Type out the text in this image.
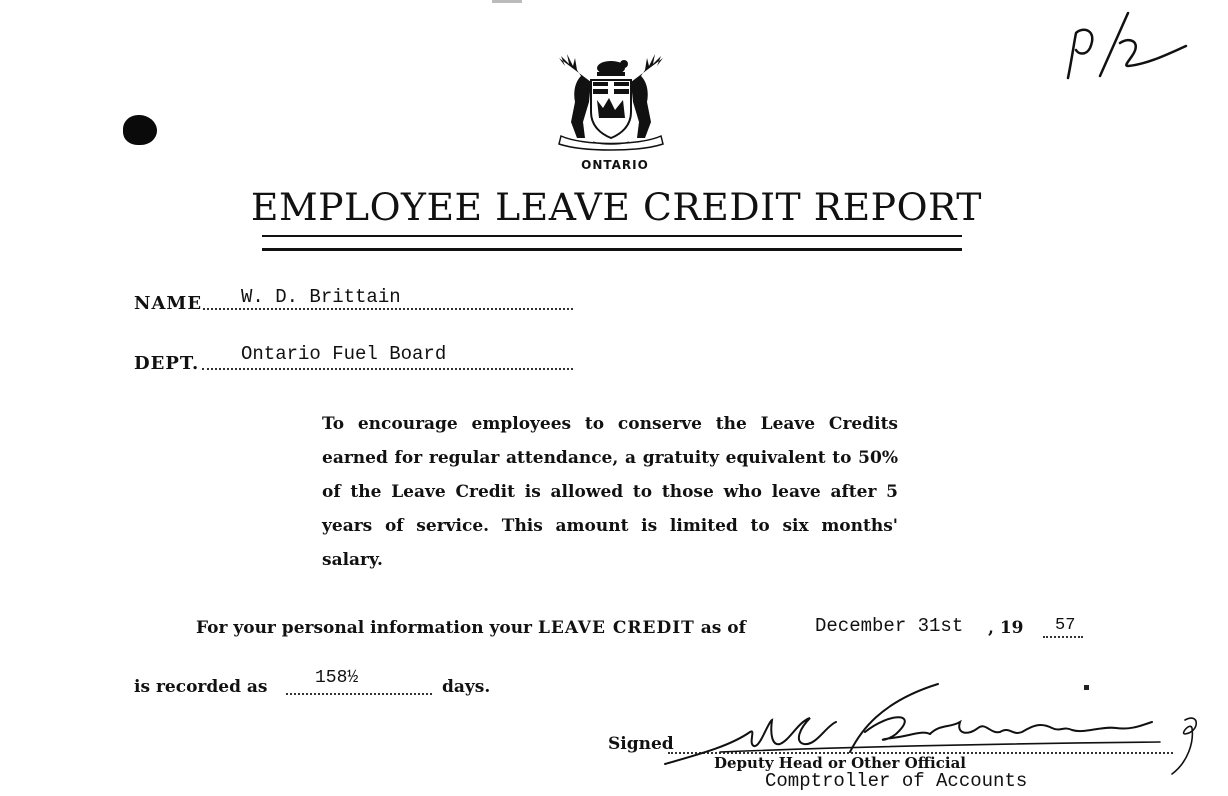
ONTARIO
EMPLOYEE LEAVE CREDIT REPORT
NAME W. D. Brittain
DEPT. Ontario Fuel Board
To encourage employees to conserve the Leave Credits earned for regular attendance, a gratuity equivalent to 50% of the Leave Credit is allowed to those who leave after 5 years of service. This amount is limited to six months' salary.
For your personal information your LEAVE CREDIT as of	December 31st , 19 57
is recorded as	158½	days.
Signed
Deputy Head or Other Official
Comptroller of Accounts
